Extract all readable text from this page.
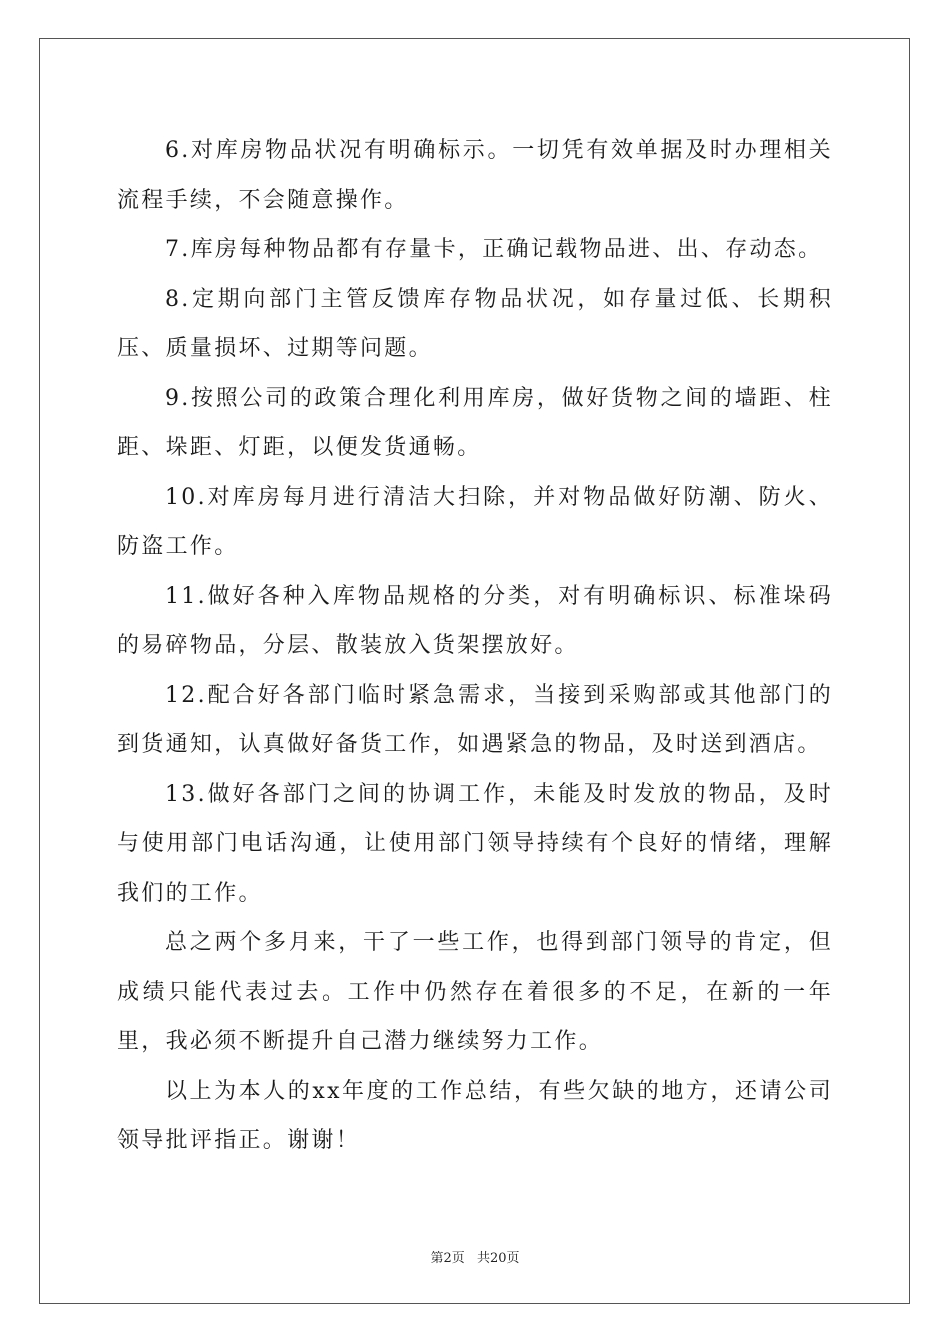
6.对库房物品状况有明确标示。一切凭有效单据及时办理相关流程手续，不会随意操作。

7.库房每种物品都有存量卡，正确记载物品进、出、存动态。

8.定期向部门主管反馈库存物品状况，如存量过低、长期积压、质量损坏、过期等问题。

9.按照公司的政策合理化利用库房，做好货物之间的墙距、柱距、垛距、灯距，以便发货通畅。

10.对库房每月进行清洁大扫除，并对物品做好防潮、防火、防盗工作。

11.做好各种入库物品规格的分类，对有明确标识、标准垛码的易碎物品，分层、散装放入货架摆放好。

12.配合好各部门临时紧急需求，当接到采购部或其他部门的到货通知，认真做好备货工作，如遇紧急的物品，及时送到酒店。

13.做好各部门之间的协调工作，未能及时发放的物品，及时与使用部门电话沟通，让使用部门领导持续有个良好的情绪，理解我们的工作。

总之两个多月来，干了一些工作，也得到部门领导的肯定，但成绩只能代表过去。工作中仍然存在着很多的不足，在新的一年里，我必须不断提升自己潜力继续努力工作。

以上为本人的xx年度的工作总结，有些欠缺的地方，还请公司领导批评指正。谢谢！

第2页 共20页
